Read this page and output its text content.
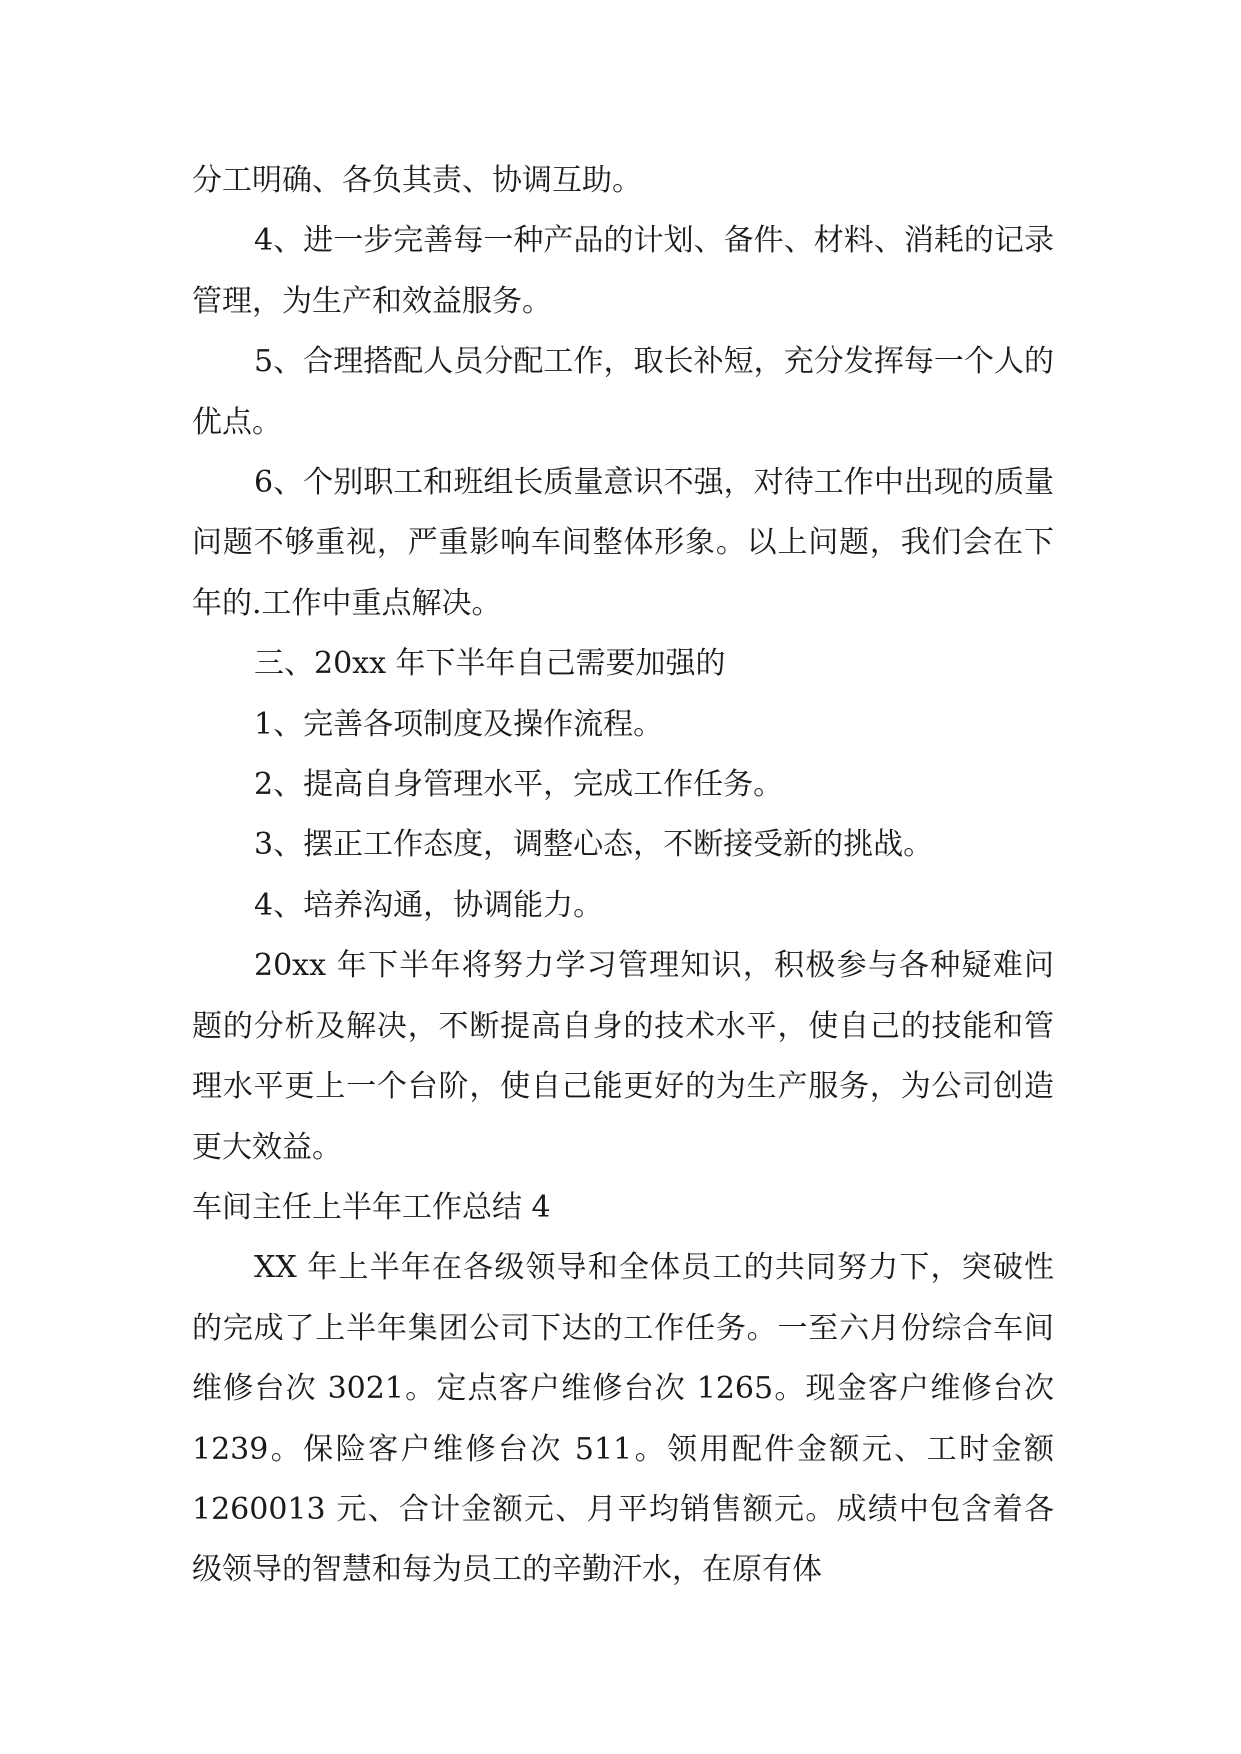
分工明确、各负其责、协调互助。

4、进一步完善每一种产品的计划、备件、材料、消耗的记录管理，为生产和效益服务。

5、合理搭配人员分配工作，取长补短，充分发挥每一个人的优点。

6、个别职工和班组长质量意识不强，对待工作中出现的质量问题不够重视，严重影响车间整体形象。以上问题，我们会在下年的.工作中重点解决。

三、20xx 年下半年自己需要加强的

1、完善各项制度及操作流程。

2、提高自身管理水平，完成工作任务。

3、摆正工作态度，调整心态，不断接受新的挑战。

4、培养沟通，协调能力。

20xx 年下半年将努力学习管理知识，积极参与各种疑难问题的分析及解决，不断提高自身的技术水平，使自己的技能和管理水平更上一个台阶，使自己能更好的为生产服务，为公司创造更大效益。

车间主任上半年工作总结 4

XX 年上半年在各级领导和全体员工的共同努力下，突破性的完成了上半年集团公司下达的工作任务。一至六月份综合车间维修台次 3021。定点客户维修台次 1265。现金客户维修台次 1239。保险客户维修台次 511。领用配件金额元、工时金额 1260013 元、合计金额元、月平均销售额元。成绩中包含着各级领导的智慧和每为员工的辛勤汗水，在原有体
